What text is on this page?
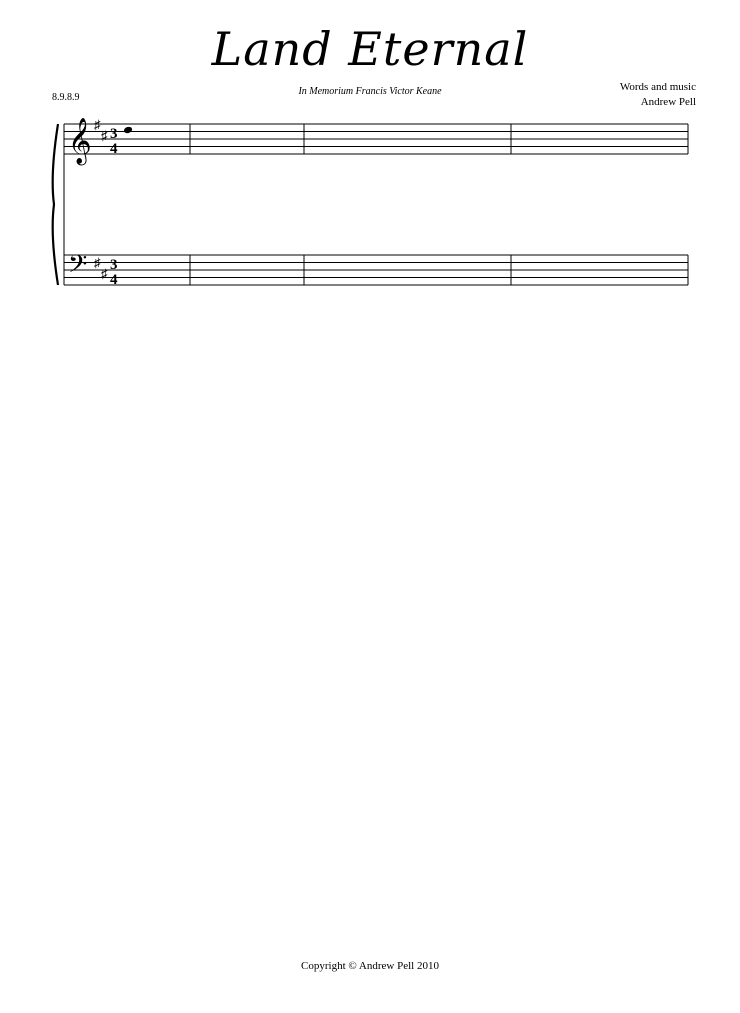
Land Eternal
In Memorium Francis Victor Keane
8.9.8.9
Words and music
Andrew Pell
𝄞
𝄢
♯
♯
♯
♯
3
4
3
4
Copyright © Andrew Pell 2010
